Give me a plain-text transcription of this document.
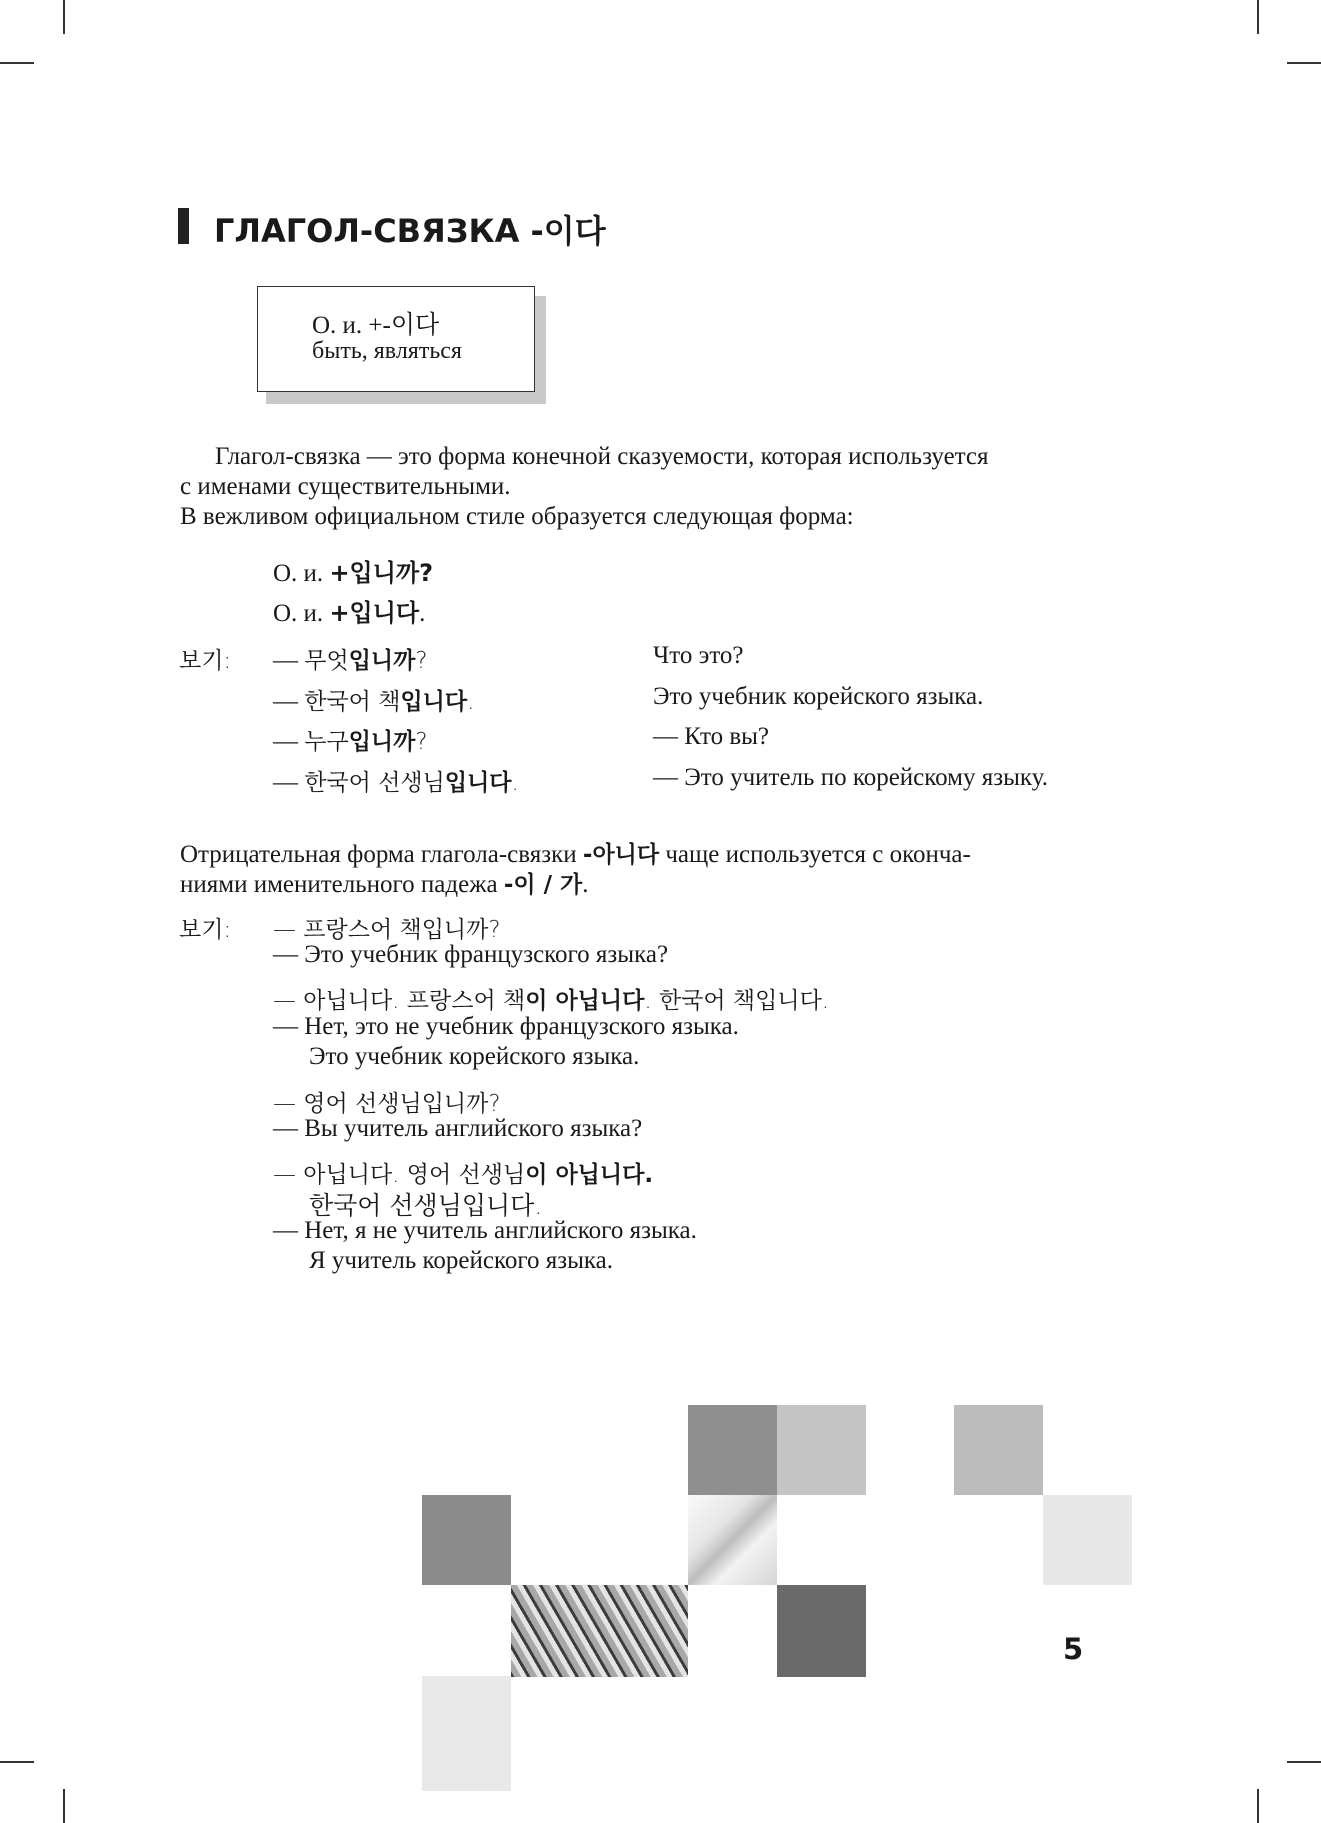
ГЛАГОЛ-СВЯЗКА -이다
О. и. +-이다
быть, являться
Глагол-связка — это форма конечной сказуемости, которая используется
с именами существительными.
В вежливом официальном стиле образуется следующая форма:
О. и. +입니까?
О. и. +입니다.
보기: — 무엇입니까?	Что это?
— 한국어 책입니다.	Это учебник корейского языка.
— 누구입니까?	— Кто вы?
— 한국어 선생님입니다.	— Это учитель по корейскому языку.
Отрицательная форма глагола-связки -아니다 чаще используется с оконча-
ниями именительного падежа -이 / 가.
보기: — 프랑스어 책입니까?
— Это учебник французского языка?
— 아닙니다. 프랑스어 책이 아닙니다. 한국어 책입니다.
— Нет, это не учебник французского языка.
Это учебник корейского языка.
— 영어 선생님입니까?
— Вы учитель английского языка?
— 아닙니다. 영어 선생님이 아닙니다.
한국어 선생님입니다.
— Нет, я не учитель английского языка.
Я учитель корейского языка.
5
